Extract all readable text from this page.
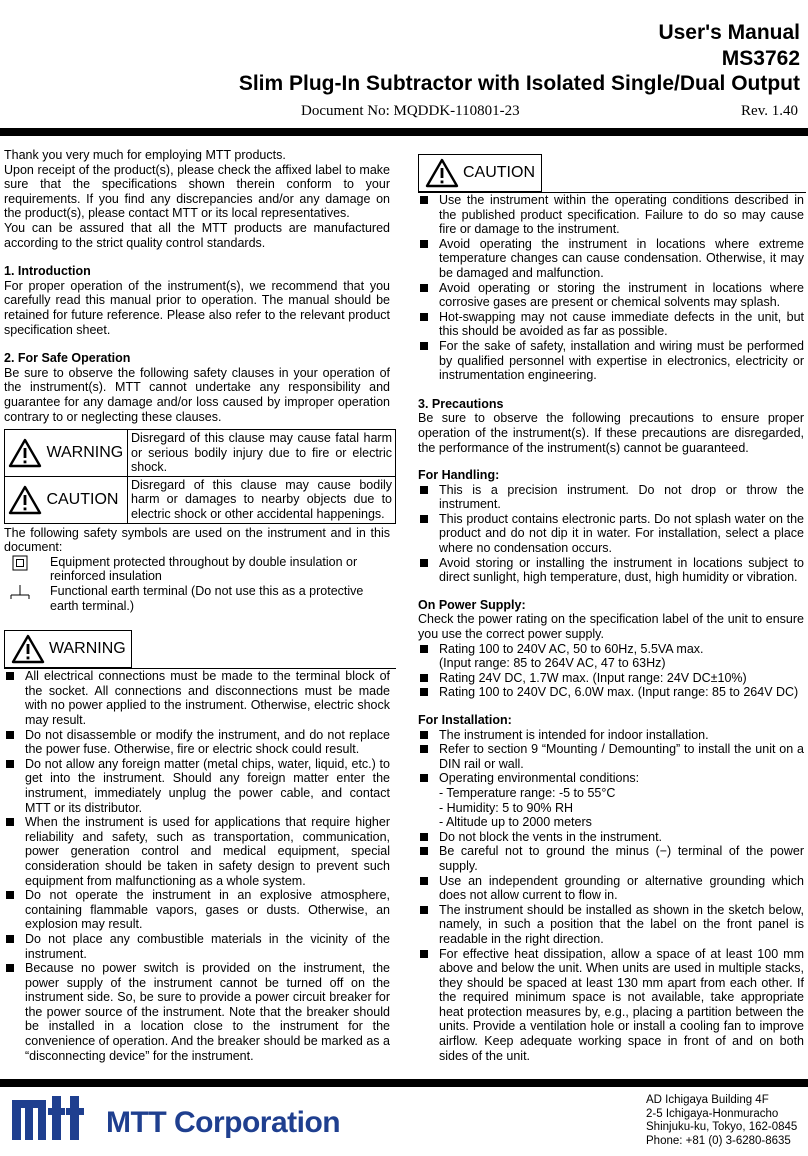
User's Manual
MS3762
Slim Plug-In Subtractor with Isolated Single/Dual Output
Document No: MQDDK-110801-23	Rev. 1.40

Thank you very much for employing MTT products.

Upon receipt of the product(s), please check the affixed label to make sure that the specifications shown therein conform to your requirements. If you find any discrepancies and/or any damage on the product(s), please contact MTT or its local representatives.

You can be assured that all the MTT products are manufactured according to the strict quality control standards.

1. Introduction

For proper operation of the instrument(s), we recommend that you carefully read this manual prior to operation. The manual should be retained for future reference. Please also refer to the relevant product specification sheet.

2. For Safe Operation

Be sure to observe the following safety clauses in your operation of the instrument(s). MTT cannot undertake any responsibility and guarantee for any damage and/or loss caused by improper operation contrary to or neglecting these clauses.

WARNING	Disregard of this clause may cause fatal harm or serious bodily injury due to fire or electric shock.
CAUTION	Disregard of this clause may cause bodily harm or damages to nearby objects due to electric shock or other accidental happenings.

The following safety symbols are used on the instrument and in this document:

Equipment protected throughout by double insulation or reinforced insulation
Functional earth terminal (Do not use this as a protective earth terminal.)
WARNING
All electrical connections must be made to the terminal block of the socket. All connections and disconnections must be made with no power applied to the instrument. Otherwise, electric shock may result.
Do not disassemble or modify the instrument, and do not replace the power fuse. Otherwise, fire or electric shock could result.
Do not allow any foreign matter (metal chips, water, liquid, etc.) to get into the instrument. Should any foreign matter enter the instrument, immediately unplug the power cable, and contact MTT or its distributor.
When the instrument is used for applications that require higher reliability and safety, such as transportation, communication, power generation control and medical equipment, special consideration should be taken in safety design to prevent such equipment from malfunctioning as a whole system.
Do not operate the instrument in an explosive atmosphere, containing flammable vapors, gases or dusts. Otherwise, an explosion may result.
Do not place any combustible materials in the vicinity of the instrument.
Because no power switch is provided on the instrument, the power supply of the instrument cannot be turned off on the instrument side. So, be sure to provide a power circuit breaker for the power source of the instrument. Note that the breaker should be installed in a location close to the instrument for the convenience of operation. And the breaker should be marked as a “disconnecting device” for the instrument.
CAUTION
Use the instrument within the operating conditions described in the published product specification. Failure to do so may cause fire or damage to the instrument.
Avoid operating the instrument in locations where extreme temperature changes can cause condensation. Otherwise, it may be damaged and malfunction.
Avoid operating or storing the instrument in locations where corrosive gases are present or chemical solvents may splash.
Hot-swapping may not cause immediate defects in the unit, but this should be avoided as far as possible.
For the sake of safety, installation and wiring must be performed by qualified personnel with expertise in electronics, electricity or instrumentation engineering.

3. Precautions

Be sure to observe the following precautions to ensure proper operation of the instrument(s). If these precautions are disregarded, the performance of the instrument(s) cannot be guaranteed.

For Handling:

This is a precision instrument. Do not drop or throw the instrument.
This product contains electronic parts. Do not splash water on the product and do not dip it in water. For installation, select a place where no condensation occurs.
Avoid storing or installing the instrument in locations subject to direct sunlight, high temperature, dust, high humidity or vibration.

On Power Supply:

Check the power rating on the specification label of the unit to ensure you use the correct power supply.

Rating 100 to 240V AC, 50 to 60Hz, 5.5VA max.
(Input range: 85 to 264V AC, 47 to 63Hz)
Rating 24V DC, 1.7W max. (Input range: 24V DC±10%)
Rating 100 to 240V DC, 6.0W max. (Input range: 85 to 264V DC)

For Installation:

The instrument is intended for indoor installation.
Refer to section 9 “Mounting / Demounting” to install the unit on a DIN rail or wall.
Operating environmental conditions:
- Temperature range: -5 to 55°C
- Humidity: 5 to 90% RH
- Altitude up to 2000 meters
Do not block the vents in the instrument.
Be careful not to ground the minus (−) terminal of the power supply.
Use an independent grounding or alternative grounding which does not allow current to flow in.
The instrument should be installed as shown in the sketch below, namely, in such a position that the label on the front panel is readable in the right direction.
For effective heat dissipation, allow a space of at least 100 mm above and below the unit. When units are used in multiple stacks, they should be spaced at least 130 mm apart from each other. If the required minimum space is not available, take appropriate heat protection measures by, e.g., placing a partition between the units. Provide a ventilation hole or install a cooling fan to improve airflow. Keep adequate working space in front of and on both sides of the unit.
MTT Corporation
AD Ichigaya Building 4F
2-5 Ichigaya-Honmuracho
Shinjuku-ku, Tokyo, 162-0845
Phone: +81 (0) 3-6280-8635
